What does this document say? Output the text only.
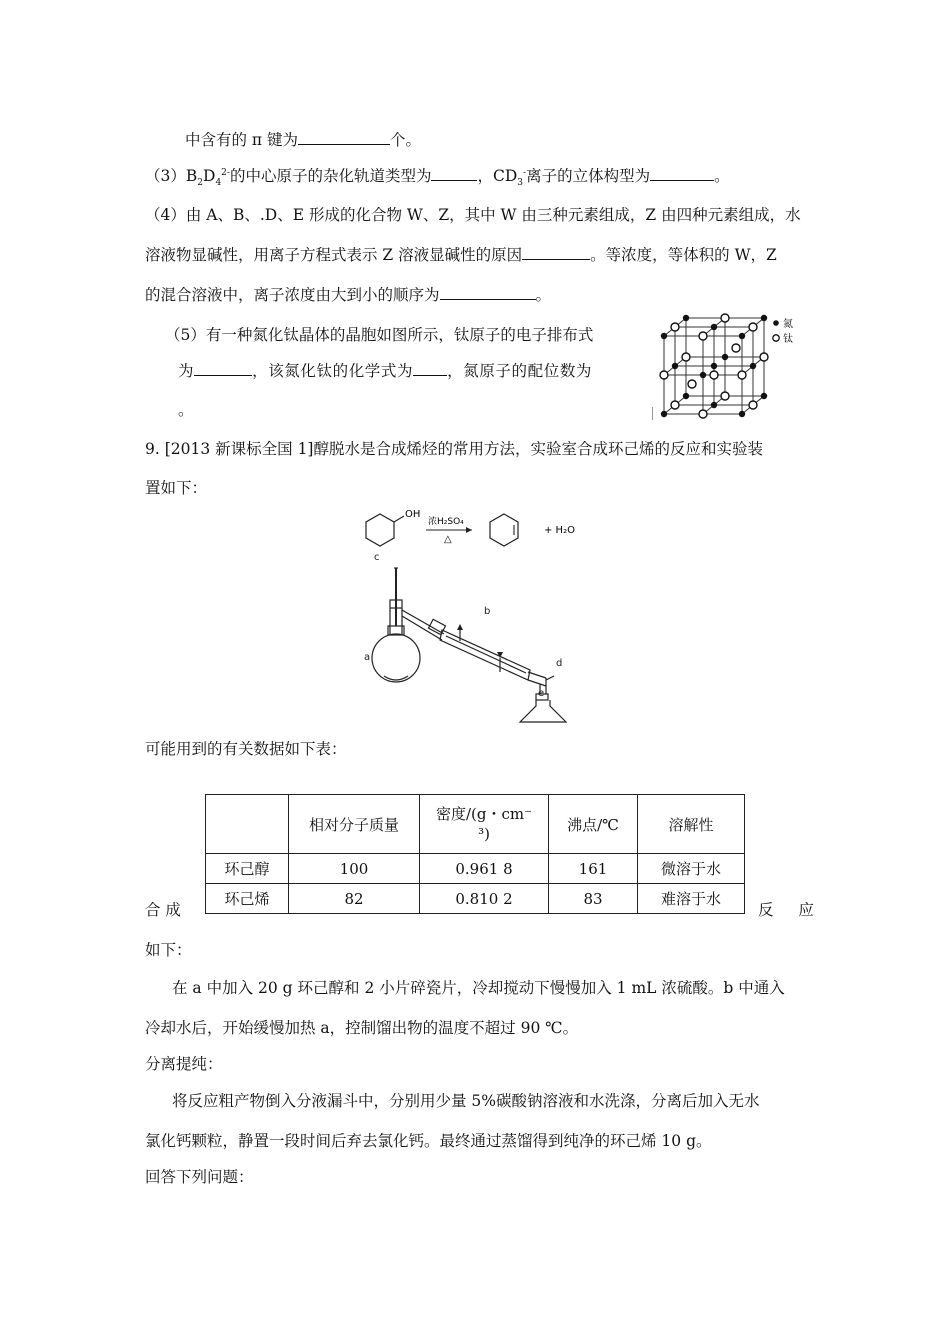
中含有的 π 键为	个。
$(3)B_2D_4^{2-}$的中心原子的杂化轨道类型为	，$CD_3^-$离子的立体构型为	。
（4）由 A、B、.D、E 形成的化合物 W、Z，其中 W 由三种元素组成，Z 由四种元素组成，水
溶液物显碱性，用离子方程式表示 Z 溶液显碱性的原因	。等浓度，等体积的 W，Z
的混合溶液中，离子浓度由大到小的顺序为	。
（5）有一种氮化钛晶体的晶胞如图所示，钛原子的电子排布式
为	，该氮化钛的化学式为 ，氮原子的配位数为
。
氮
钛
9. [2013 新课标全国 1]醇脱水是合成烯烃的常用方法，实验室合成环己烯的反应和实验装
置如下：
OH
浓H₂SO₄
△
+ H₂O
c
a
b
d
e
可能用到的有关数据如下表：
	相对分子质量	密度/(g・cm⁻
³)	沸点/℃	溶解性
环己醇	100	0.961 8	161	微溶于水
环己烯	82	0.810 2	83	难溶于水
合 成	反 应
如下：
在 a 中加入 20 g 环己醇和 2 小片碎瓷片，冷却搅动下慢慢加入 1 mL 浓硫酸。b 中通入
冷却水后，开始缓慢加热 a，控制馏出物的温度不超过 90 ℃。
分离提纯：
将反应粗产物倒入分液漏斗中，分别用少量 5%碳酸钠溶液和水洗涤，分离后加入无水
氯化钙颗粒，静置一段时间后弃去氯化钙。最终通过蒸馏得到纯净的环己烯 10 g。
回答下列问题：
